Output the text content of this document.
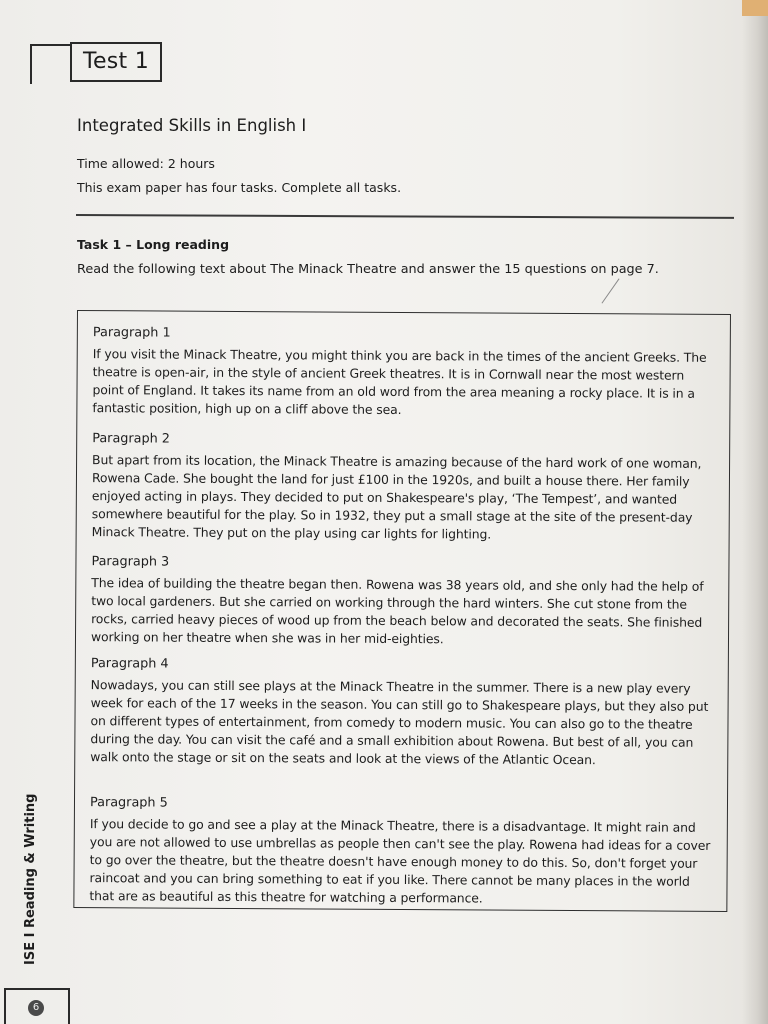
Test 1
Integrated Skills in English I
Time allowed: 2 hours
This exam paper has four tasks. Complete all tasks.
Task 1 – Long reading
Read the following text about The Minack Theatre and answer the 15 questions on page 7.

Paragraph 1

If you visit the Minack Theatre, you might think you are back in the times of the ancient Greeks. The theatre is open-air, in the style of ancient Greek theatres. It is in Cornwall near the most western point of England. It takes its name from an old word from the area meaning a rocky place. It is in a fantastic position, high up on a cliff above the sea.

Paragraph 2

But apart from its location, the Minack Theatre is amazing because of the hard work of one woman, Rowena Cade. She bought the land for just £100 in the 1920s, and built a house there. Her family enjoyed acting in plays. They decided to put on Shakespeare's play, ‘The Tempest’, and wanted somewhere beautiful for the play. So in 1932, they put a small stage at the site of the present-day Minack Theatre. They put on the play using car lights for lighting.

Paragraph 3

The idea of building the theatre began then. Rowena was 38 years old, and she only had the help of two local gardeners. But she carried on working through the hard winters. She cut stone from the rocks, carried heavy pieces of wood up from the beach below and decorated the seats. She finished working on her theatre when she was in her mid-eighties.

Paragraph 4

Nowadays, you can still see plays at the Minack Theatre in the summer. There is a new play every week for each of the 17 weeks in the season. You can still go to Shakespeare plays, but they also put on different types of entertainment, from comedy to modern music. You can also go to the theatre during the day. You can visit the café and a small exhibition about Rowena. But best of all, you can walk onto the stage or sit on the seats and look at the views of the Atlantic Ocean.

Paragraph 5

If you decide to go and see a play at the Minack Theatre, there is a disadvantage. It might rain and you are not allowed to use umbrellas as people then can't see the play. Rowena had ideas for a cover to go over the theatre, but the theatre doesn't have enough money to do this. So, don't forget your raincoat and you can bring something to eat if you like. There cannot be many places in the world that are as beautiful as this theatre for watching a performance.

ISE I Reading & Writing
6
